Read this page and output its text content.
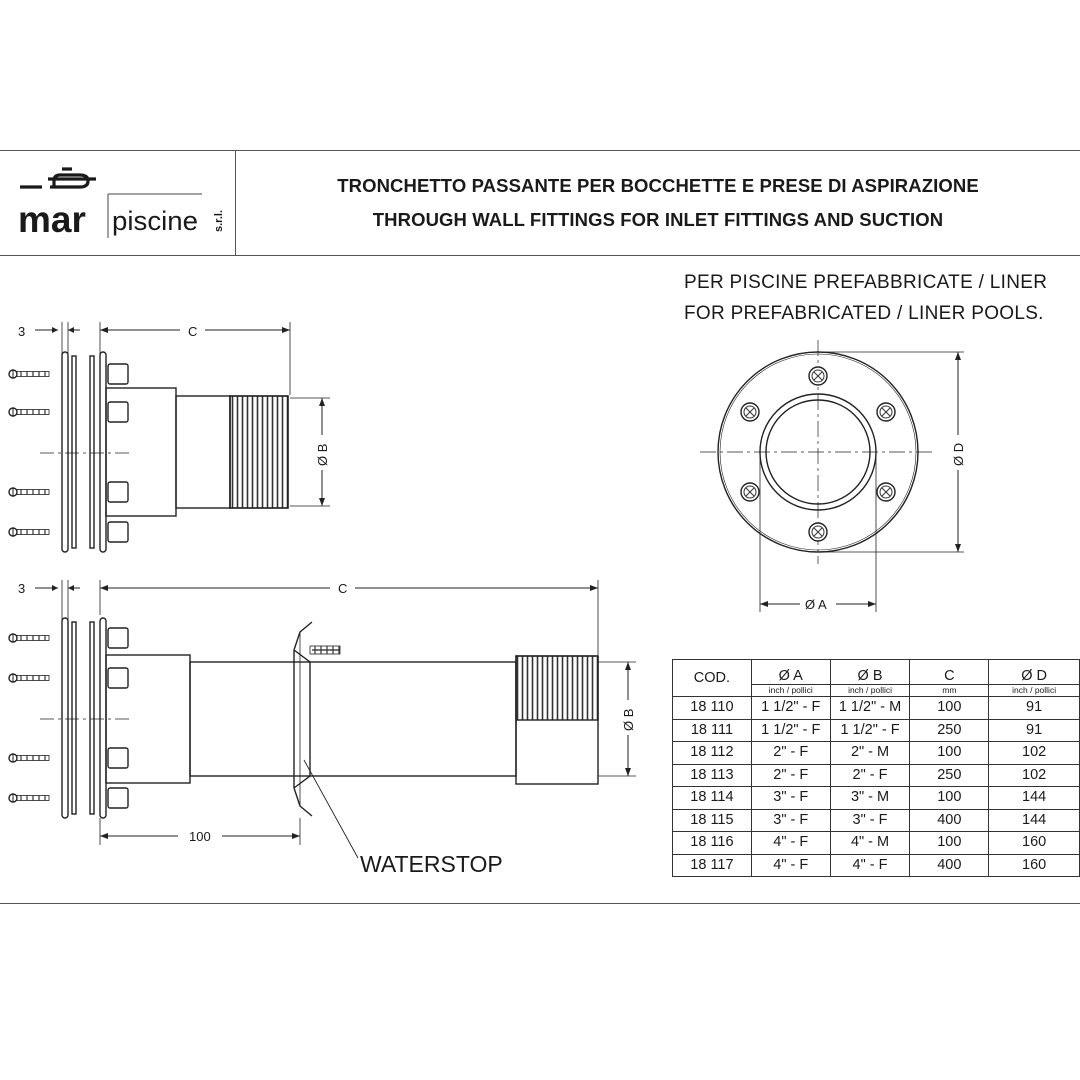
mar piscine s.r.l.
TRONCHETTO PASSANTE PER BOCCHETTE E PRESE DI ASPIRAZIONE
THROUGH WALL FITTINGS FOR INLET FITTINGS AND SUCTION
PER PISCINE PREFABBRICATE / LINER
FOR PREFABRICATED / LINER POOLS.
3	C
Ø B
3	C
Ø B
100
WATERSTOP
Ø D
Ø A
COD.	Ø A	Ø B	C	Ø D
	inch / pollici	inch / pollici	mm	inch / pollici
18 110	1 1/2" - F	1 1/2" - M	100	91
18 111	1 1/2" - F	1 1/2" - F	250	91
18 112	2" - F	2" - M	100	102
18 113	2" - F	2" - F	250	102
18 114	3" - F	3" - M	100	144
18 115	3" - F	3" - F	400	144
18 116	4" - F	4" - M	100	160
18 117	4" - F	4" - F	400	160
